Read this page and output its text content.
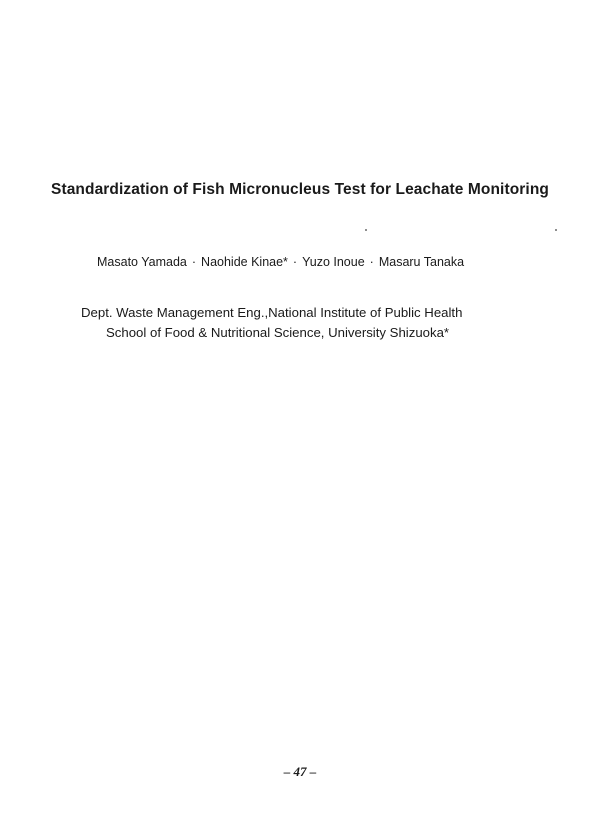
Standardization of Fish Micronucleus Test for Leachate Monitoring
Masato Yamada · Naohide Kinae* · Yuzo Inoue · Masaru Tanaka
Dept. Waste Management Eng.,National Institute of Public Health
School of Food & Nutritional Science, University Shizuoka*
– 47 –
